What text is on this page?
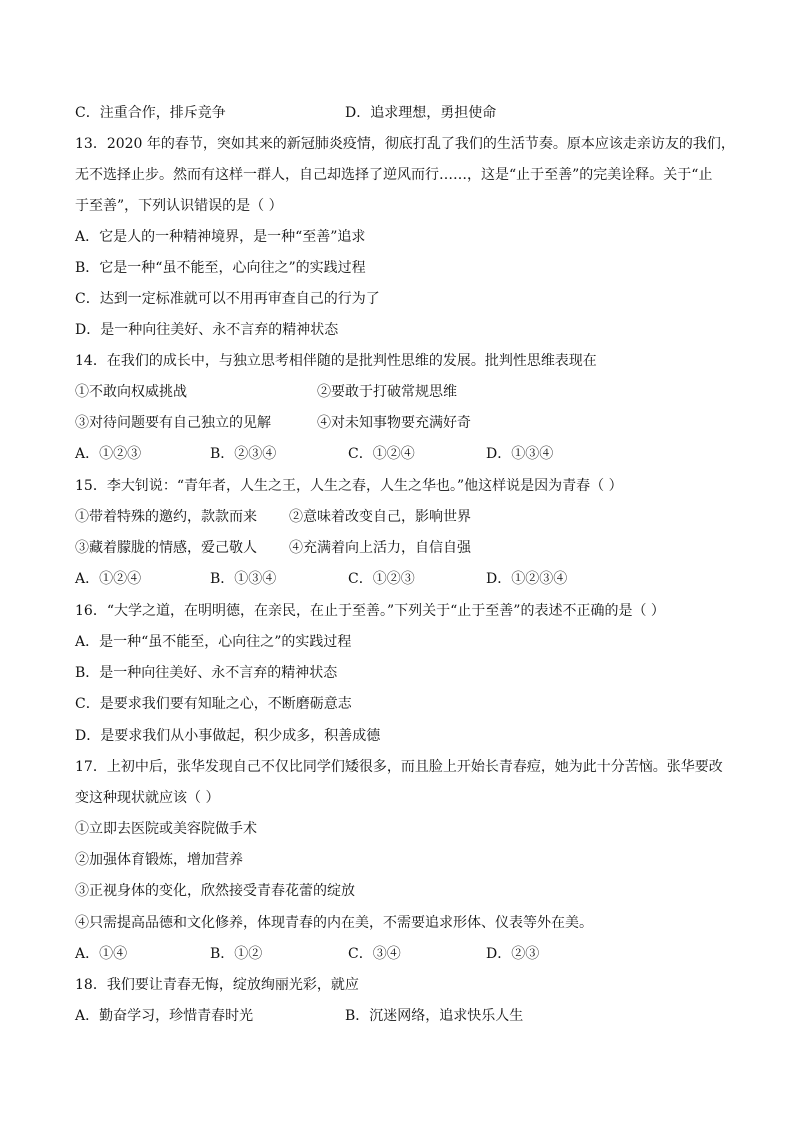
C．注重合作，排斥竞争	D．追求理想，勇担使命
13．2020 年的春节，突如其来的新冠肺炎疫情，彻底打乱了我们的生活节奏。原本应该走亲访友的我们，
无不选择止步。然而有这样一群人，自己却选择了逆风而行……，这是“止于至善”的完美诠释。关于“止
于至善”，下列认识错误的是（ ）
A．它是人的一种精神境界，是一种“至善”追求
B．它是一种“虽不能至，心向往之”的实践过程
C．达到一定标准就可以不用再审查自己的行为了
D．是一种向往美好、永不言弃的精神状态
14．在我们的成长中，与独立思考相伴随的是批判性思维的发展。批判性思维表现在
①不敢向权威挑战	②要敢于打破常规思维
③对待问题要有自己独立的见解	④对未知事物要充满好奇
A．①②③	B．②③④	C．①②④	D．①③④
15．李大钊说：“青年者，人生之王，人生之春，人生之华也。”他这样说是因为青春（ ）
①带着特殊的邀约，款款而来 ②意味着改变自己，影响世界
③藏着朦胧的情感，爱己敬人 ④充满着向上活力，自信自强
A．①②④	B．①③④	C．①②③	D．①②③④
16．“大学之道，在明明德，在亲民，在止于至善。”下列关于“止于至善”的表述不正确的是（ ）
A．是一种“虽不能至，心向往之”的实践过程
B．是一种向往美好、永不言弃的精神状态
C．是要求我们要有知耻之心，不断磨砺意志
D．是要求我们从小事做起，积少成多，积善成德
17．上初中后，张华发现自己不仅比同学们矮很多，而且脸上开始长青春痘，她为此十分苦恼。张华要改
变这种现状就应该（ ）
①立即去医院或美容院做手术
②加强体育锻炼，增加营养
③正视身体的变化，欣然接受青春花蕾的绽放
④只需提高品德和文化修养，体现青春的内在美，不需要追求形体、仪表等外在美。
A．①④	B．①②	C．③④	D．②③
18．我们要让青春无悔，绽放绚丽光彩，就应
A．勤奋学习，珍惜青春时光	B．沉迷网络，追求快乐人生
